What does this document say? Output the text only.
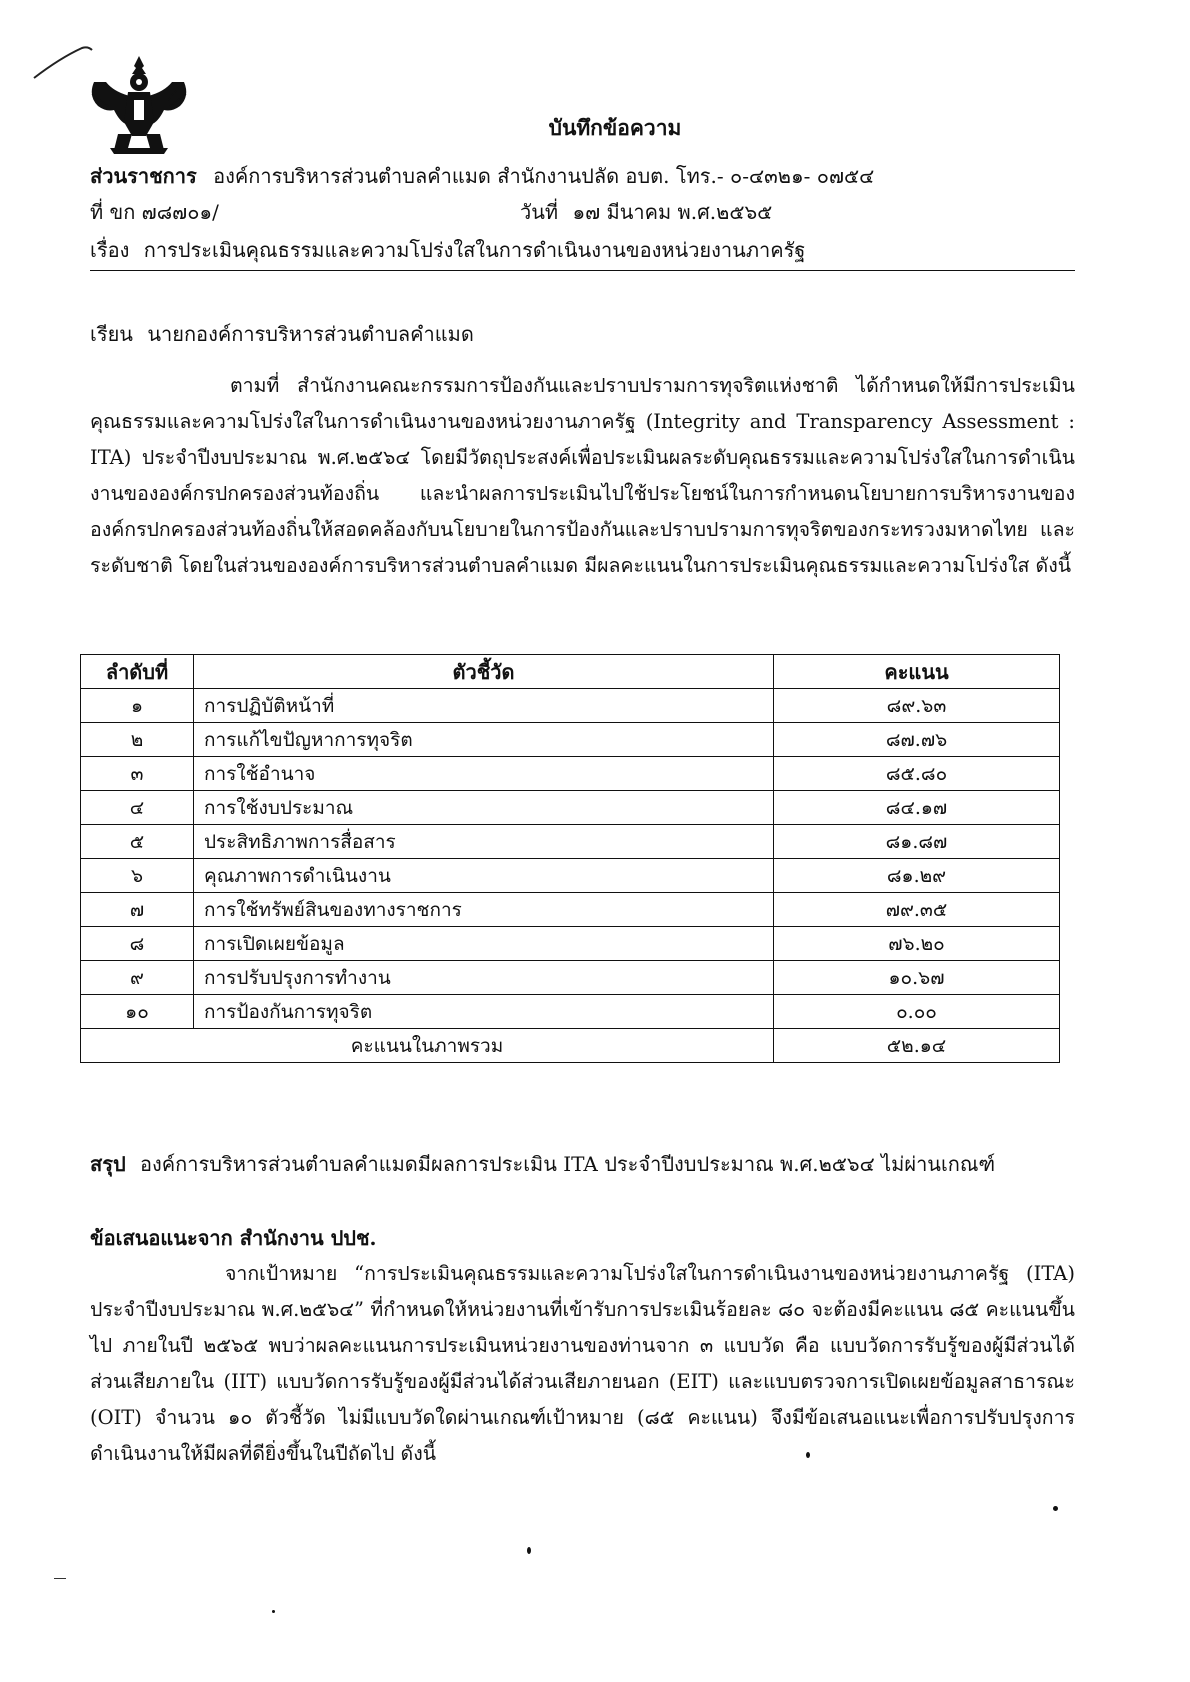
บันทึกข้อความ
ส่วนราชการ องค์การบริหารส่วนตำบลคำแมด สำนักงานปลัด อบต. โทร.- ๐-๔๓๒๑- ๐๗๕๔
ที่ ขก ๗๘๗๐๑/	วันที่ ๑๗ มีนาคม พ.ศ.๒๕๖๕
เรื่อง การประเมินคุณธรรมและความโปร่งใสในการดำเนินงานของหน่วยงานภาครัฐ
เรียน นายกองค์การบริหารส่วนตำบลคำแมด
ตามที่ สำนักงานคณะกรรมการป้องกันและปราบปรามการทุจริตแห่งชาติ ได้กำหนดให้มีการประเมินคุณธรรมและความโปร่งใสในการดำเนินงานของหน่วยงานภาครัฐ (Integrity and Transparency Assessment : ITA) ประจำปีงบประมาณ พ.ศ.๒๕๖๔ โดยมีวัตถุประสงค์เพื่อประเมินผลระดับคุณธรรมและความโปร่งใสในการดำเนินงานขององค์กรปกครองส่วนท้องถิ่น และนำผลการประเมินไปใช้ประโยชน์ในการกำหนดนโยบายการบริหารงานขององค์กรปกครองส่วนท้องถิ่นให้สอดคล้องกับนโยบายในการป้องกันและปราบปรามการทุจริตของกระทรวงมหาดไทย และระดับชาติ โดยในส่วนขององค์การบริหารส่วนตำบลคำแมด มีผลคะแนนในการประเมินคุณธรรมและความโปร่งใส ดังนี้
ลำดับที่	ตัวชี้วัด	คะแนน
๑	การปฏิบัติหน้าที่	๘๙.๖๓
๒	การแก้ไขปัญหาการทุจริต	๘๗.๗๖
๓	การใช้อำนาจ	๘๕.๘๐
๔	การใช้งบประมาณ	๘๔.๑๗
๕	ประสิทธิภาพการสื่อสาร	๘๑.๘๗
๖	คุณภาพการดำเนินงาน	๘๑.๒๙
๗	การใช้ทรัพย์สินของทางราชการ	๗๙.๓๕
๘	การเปิดเผยข้อมูล	๗๖.๒๐
๙	การปรับปรุงการทำงาน	๑๐.๖๗
๑๐	การป้องกันการทุจริต	๐.๐๐
คะแนนในภาพรวม		๕๒.๑๔
สรุป องค์การบริหารส่วนตำบลคำแมดมีผลการประเมิน ITA ประจำปีงบประมาณ พ.ศ.๒๕๖๔ ไม่ผ่านเกณฑ์
ข้อเสนอแนะจาก สำนักงาน ปปช.
จากเป้าหมาย “การประเมินคุณธรรมและความโปร่งใสในการดำเนินงานของหน่วยงานภาครัฐ (ITA) ประจำปีงบประมาณ พ.ศ.๒๕๖๔” ที่กำหนดให้หน่วยงานที่เข้ารับการประเมินร้อยละ ๘๐ จะต้องมีคะแนน ๘๕ คะแนนขึ้นไป ภายในปี ๒๕๖๕ พบว่าผลคะแนนการประเมินหน่วยงานของท่านจาก ๓ แบบวัด คือ แบบวัดการรับรู้ของผู้มีส่วนได้ส่วนเสียภายใน (IIT) แบบวัดการรับรู้ของผู้มีส่วนได้ส่วนเสียภายนอก (EIT) และแบบตรวจการเปิดเผยข้อมูลสาธารณะ (OIT) จำนวน ๑๐ ตัวชี้วัด ไม่มีแบบวัดใดผ่านเกณฑ์เป้าหมาย (๘๕ คะแนน) จึงมีข้อเสนอแนะเพื่อการปรับปรุงการดำเนินงานให้มีผลที่ดียิ่งขึ้นในปีถัดไป ดังนี้
